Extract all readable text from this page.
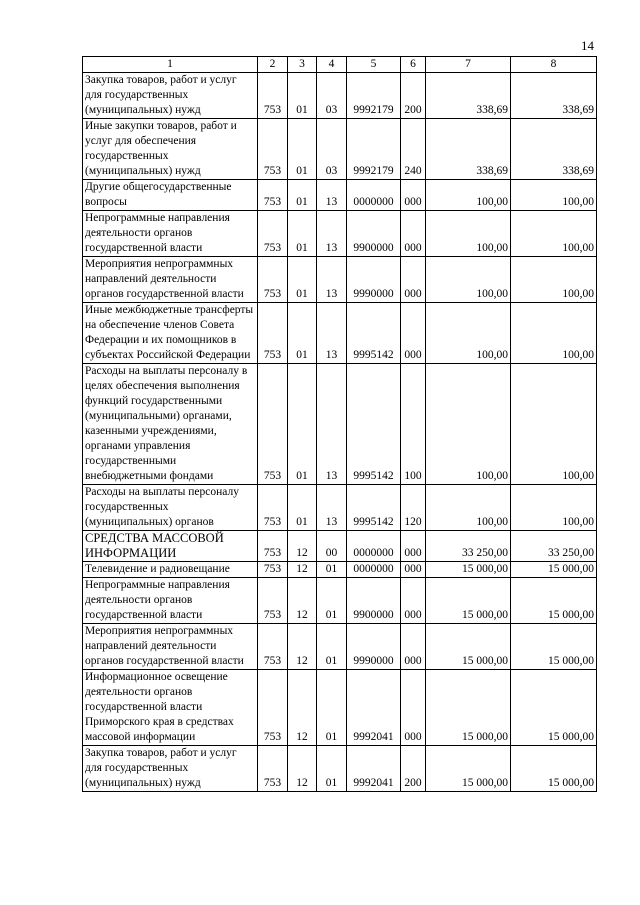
14
1	2	3	4	5	6	7	8
Закупка товаров, работ и услуг для государственных (муниципальных) нужд	753	01	03	9992179	200	338,69	338,69
Иные закупки товаров, работ и услуг для обеспечения государственных (муниципальных) нужд	753	01	03	9992179	240	338,69	338,69
Другие общегосударственные вопросы	753	01	13	0000000	000	100,00	100,00
Непрограммные направления деятельности органов государственной власти	753	01	13	9900000	000	100,00	100,00
Мероприятия непрограммных направлений деятельности органов государственной власти	753	01	13	9990000	000	100,00	100,00
Иные межбюджетные трансферты на обеспечение членов Совета Федерации и их помощников в субъектах Российской Федерации	753	01	13	9995142	000	100,00	100,00
Расходы на выплаты персоналу в целях обеспечения выполнения функций государственными (муниципальными) органами, казенными учреждениями, органами управления государственными внебюджетными фондами	753	01	13	9995142	100	100,00	100,00
Расходы на выплаты персоналу государственных (муниципальных) органов	753	01	13	9995142	120	100,00	100,00
СРЕДСТВА МАССОВОЙ ИНФОРМАЦИИ	753	12	00	0000000	000	33 250,00	33 250,00
Телевидение и радиовещание	753	12	01	0000000	000	15 000,00	15 000,00
Непрограммные направления деятельности органов государственной власти	753	12	01	9900000	000	15 000,00	15 000,00
Мероприятия непрограммных направлений деятельности органов государственной власти	753	12	01	9990000	000	15 000,00	15 000,00
Информационное освещение деятельности органов государственной власти Приморского края в средствах массовой информации	753	12	01	9992041	000	15 000,00	15 000,00
Закупка товаров, работ и услуг для государственных (муниципальных) нужд	753	12	01	9992041	200	15 000,00	15 000,00
